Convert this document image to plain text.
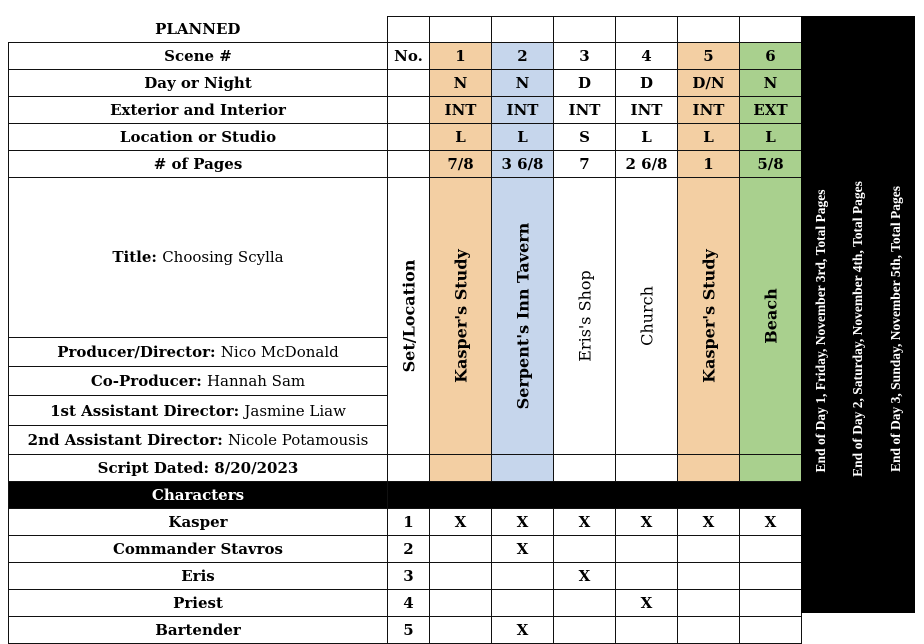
PLANNED							
Scene #	No.	1	2	3	4	5	6
Day or Night		N	N	D	D	D/N	N
Exterior and Interior		INT	INT	INT	INT	INT	EXT
Location or Studio		L	L	S	L	L	L
# of Pages		7/8	3 6/8	7	2 6/8	1	5/8
Title: Choosing Scylla	Set/Location	Kasper's Study	Serpent's Inn Tavern	Eris's Shop	Church	Kasper's Study	Beach

Producer/Director: Nico McDonald							
Co-Producer: Hannah Sam							
1st Assistant Director: Jasmine Liaw							
2nd Assistant Director: Nicole Potamousis							
Script Dated: 8/20/2023							
Characters							
Kasper	1	X	X	X	X	X	X
Commander Stavros	2		X				
Eris	3			X			
Priest	4				X		
Bartender	5		X				
End of Day 1, Friday, November 3rd, Total Pages End of Day 2, Saturday, November 4th, Total Pages End of Day 3, Sunday, November 5th, Total Pages
